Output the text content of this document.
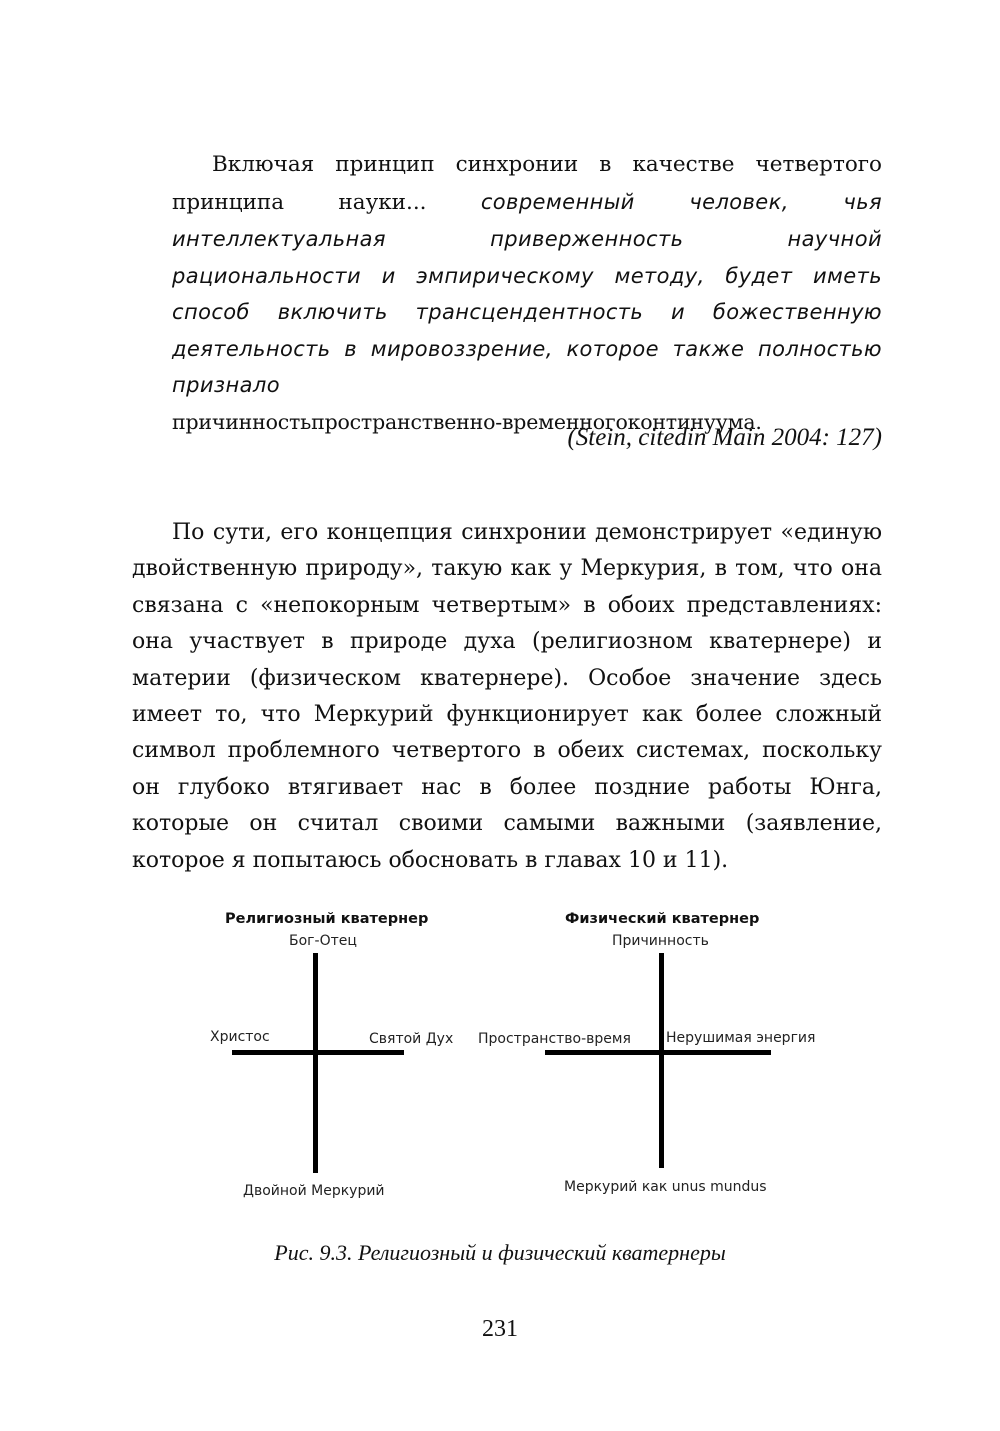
Включая принцип синхронии в качестве четвертого принципа науки... современный человек, чья интеллектуальная приверженность научной рациональности и эмпирическому методу, будет иметь способ включить трансцендентность и божественную деятельность в мировоззрение, которое также полностью признало
причинностьпространственно-временногоконтинуума.
(Stein, citedin Main 2004: 127)
По сути, его концепция синхронии демонстрирует «единую двойственную природу», такую как у Меркурия, в том, что она связана с «непокорным четвертым» в обоих представлениях: она участвует в природе духа (религиозном кватернере) и материи (физическом кватернере). Особое значение здесь имеет то, что Меркурий функционирует как более сложный символ проблемного четвертого в обеих системах, поскольку он глубоко втягивает нас в более поздние работы Юнга, которые он считал своими самыми важными (заявление, которое я попытаюсь обосновать в главах 10 и 11).
Религиозный кватернер
Бог-Отец
Христос	Святой Дух
Двойной Меркурий
Физический кватернер
Причинность
Пространство-время	Нерушимая энергия
Меркурий как unus mundus
Рис. 9.3. Религиозный и физический кватернеры
231
